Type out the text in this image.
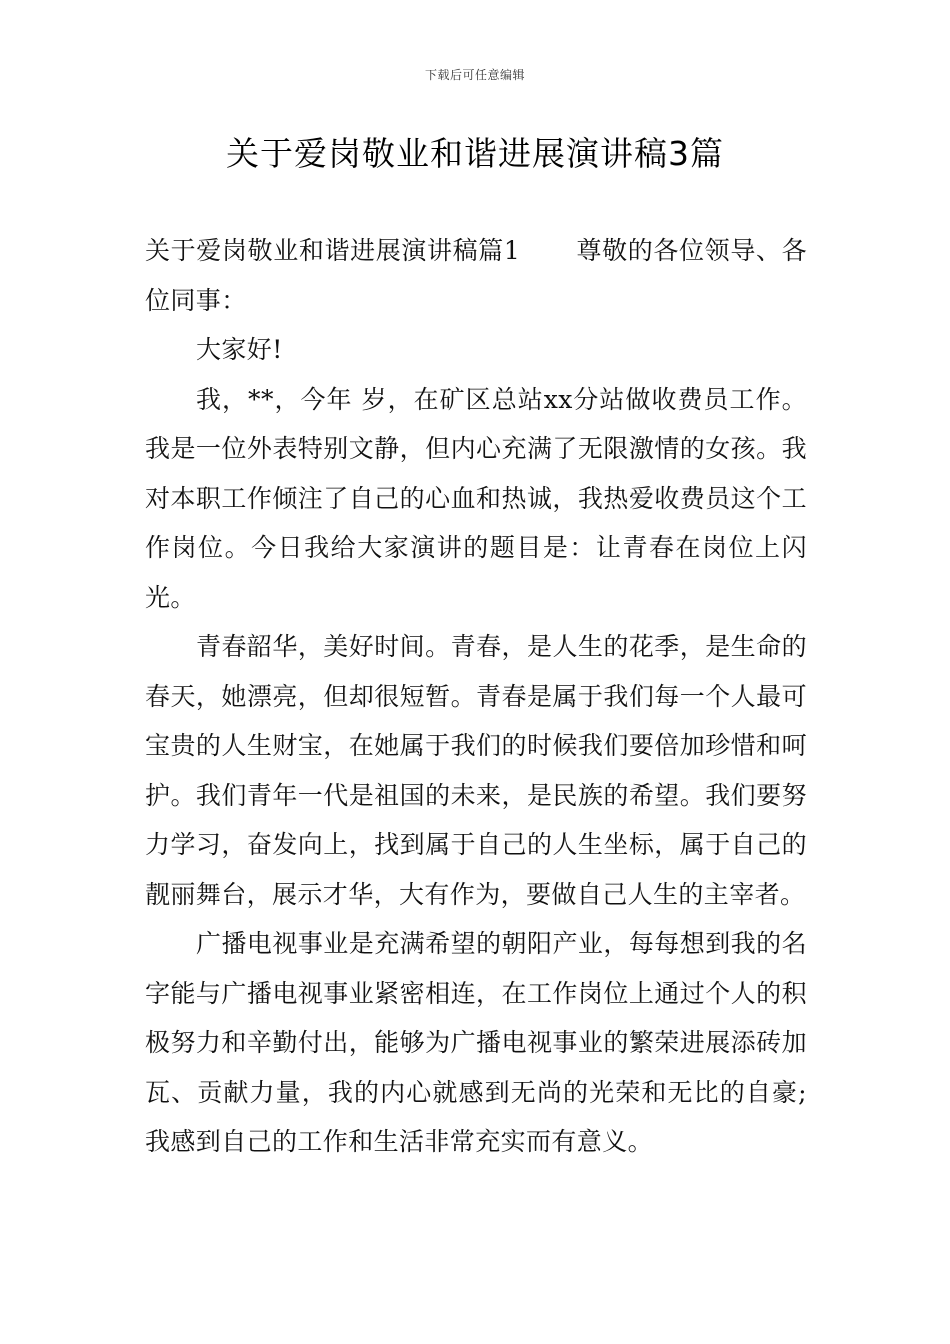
下载后可任意编辑
关于爱岗敬业和谐进展演讲稿3篇

关于爱岗敬业和谐进展演讲稿篇1 尊敬的各位领导、各位同事：

大家好!

我，**，今年 岁，在矿区总站xx分站做收费员工作。我是一位外表特别文静，但内心充满了无限激情的女孩。我对本职工作倾注了自己的心血和热诚，我热爱收费员这个工作岗位。今日我给大家演讲的题目是：让青春在岗位上闪光。

青春韶华，美好时间。青春，是人生的花季，是生命的春天，她漂亮，但却很短暂。青春是属于我们每一个人最可宝贵的人生财宝，在她属于我们的时候我们要倍加珍惜和呵护。我们青年一代是祖国的未来，是民族的希望。我们要努力学习，奋发向上，找到属于自己的人生坐标，属于自己的靓丽舞台，展示才华，大有作为，要做自己人生的主宰者。

广播电视事业是充满希望的朝阳产业，每每想到我的名字能与广播电视事业紧密相连，在工作岗位上通过个人的积极努力和辛勤付出，能够为广播电视事业的繁荣进展添砖加瓦、贡献力量，我的内心就感到无尚的光荣和无比的自豪;我感到自己的工作和生活非常充实而有意义。
